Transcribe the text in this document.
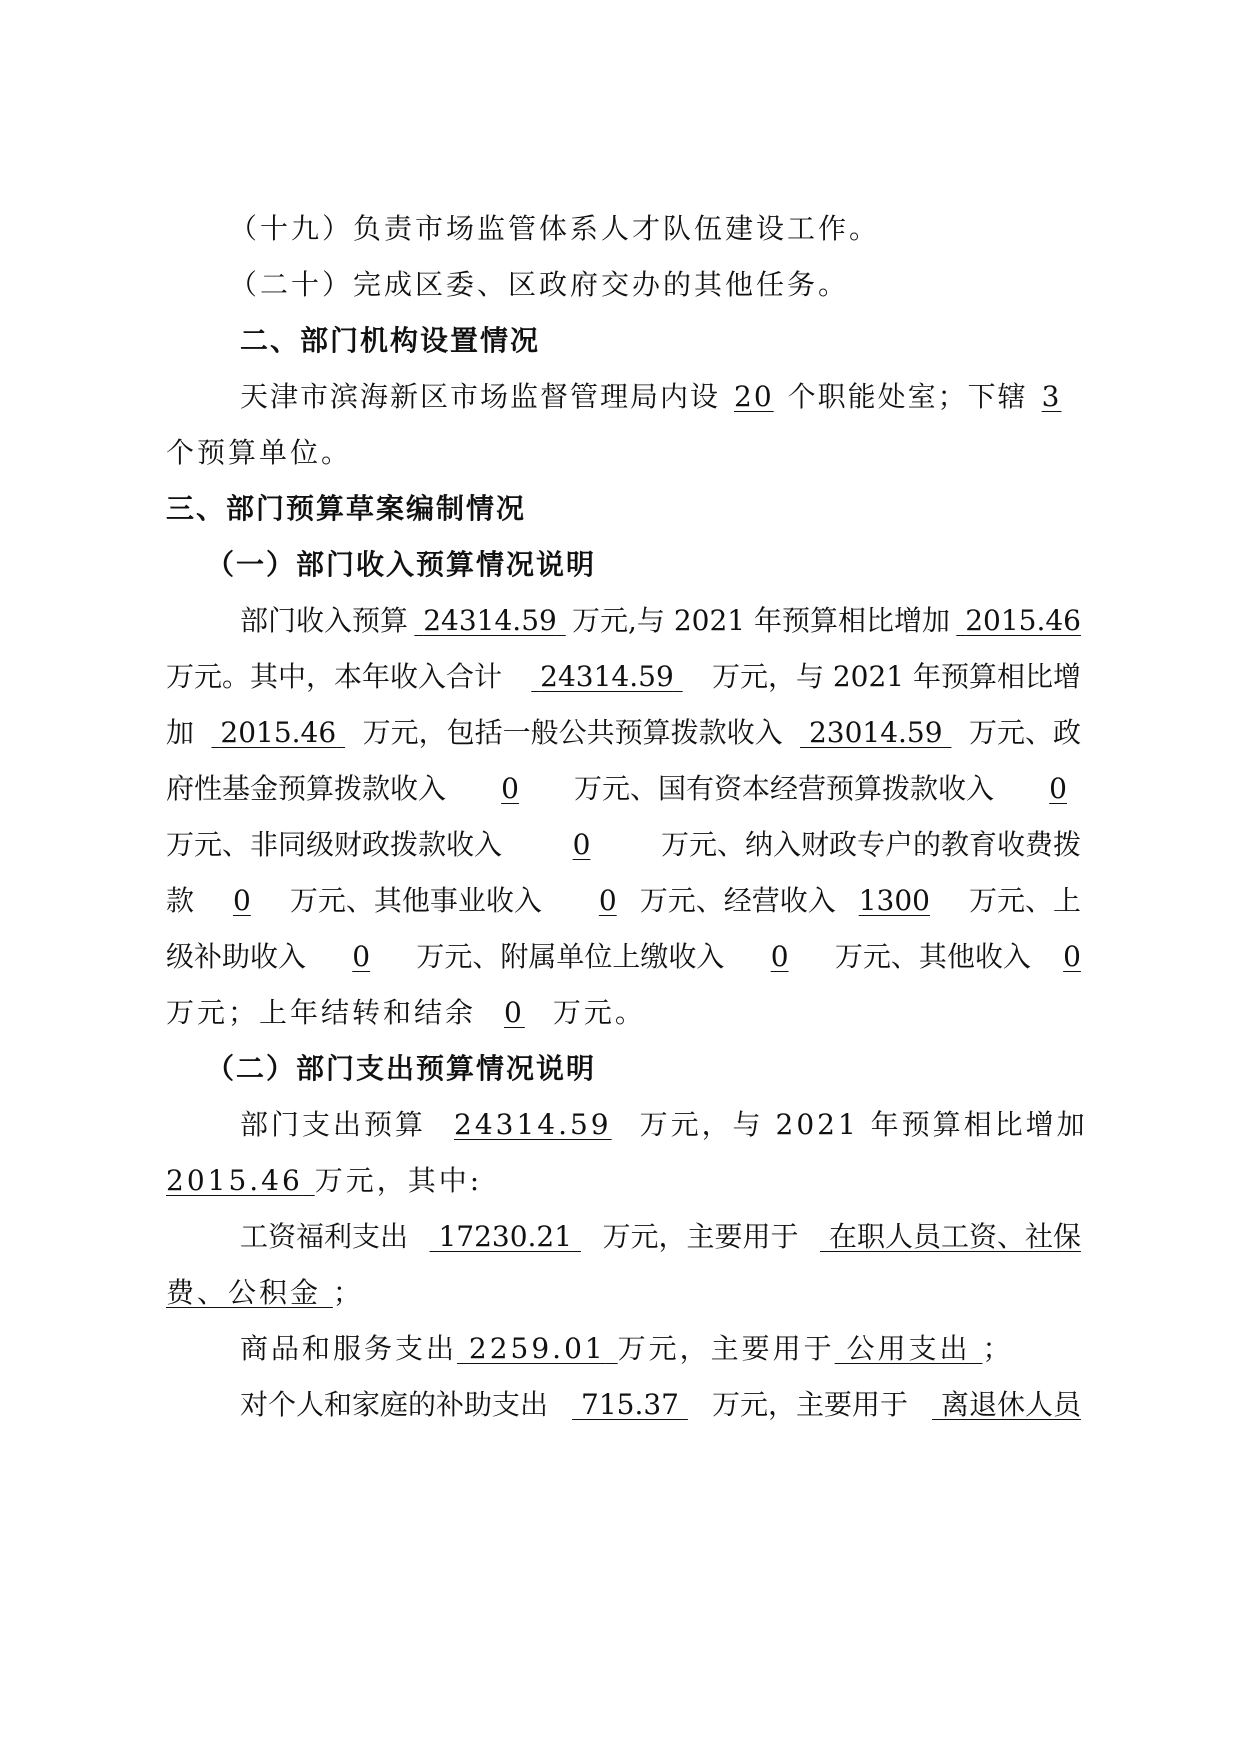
（十九）负责市场监管体系人才队伍建设工作。
（二十）完成区委、区政府交办的其他任务。
二、部门机构设置情况
天津市滨海新区市场监督管理局内设 20 个职能处室；下辖 3
个预算单位。
三、部门预算草案编制情况
（一）部门收入预算情况说明
部门收入预算 24314.59 万元,与 2021 年预算相比增加 2015.46
万元。其中，本年收入合计	24314.59	万元，与 2021 年预算相比增
加 2015.46 万元，包括一般公共预算拨款收入 23014.59 万元、政
府性基金预算拨款收入	0	万元、国有资本经营预算拨款收入	0
万元、非同级财政拨款收入	0	万元、纳入财政专户的教育收费拨
款	0	万元、其他事业收入	0 万元、经营收入 1300	万元、上
级补助收入	0	万元、附属单位上缴收入	0	万元、其他收入	0
万元；上年结转和结余 0 万元。
（二）部门支出预算情况说明
部门支出预算 24314.59 万元，与 2021 年预算相比增加
2015.46 万元，其中:
工资福利支出	17230.21	万元，主要用于	在职人员工资、社保
费、公积金 ；
商品和服务支出 2259.01 万元，主要用于 公用支出 ；
对个人和家庭的补助支出	715.37	万元，主要用于	离退休人员
